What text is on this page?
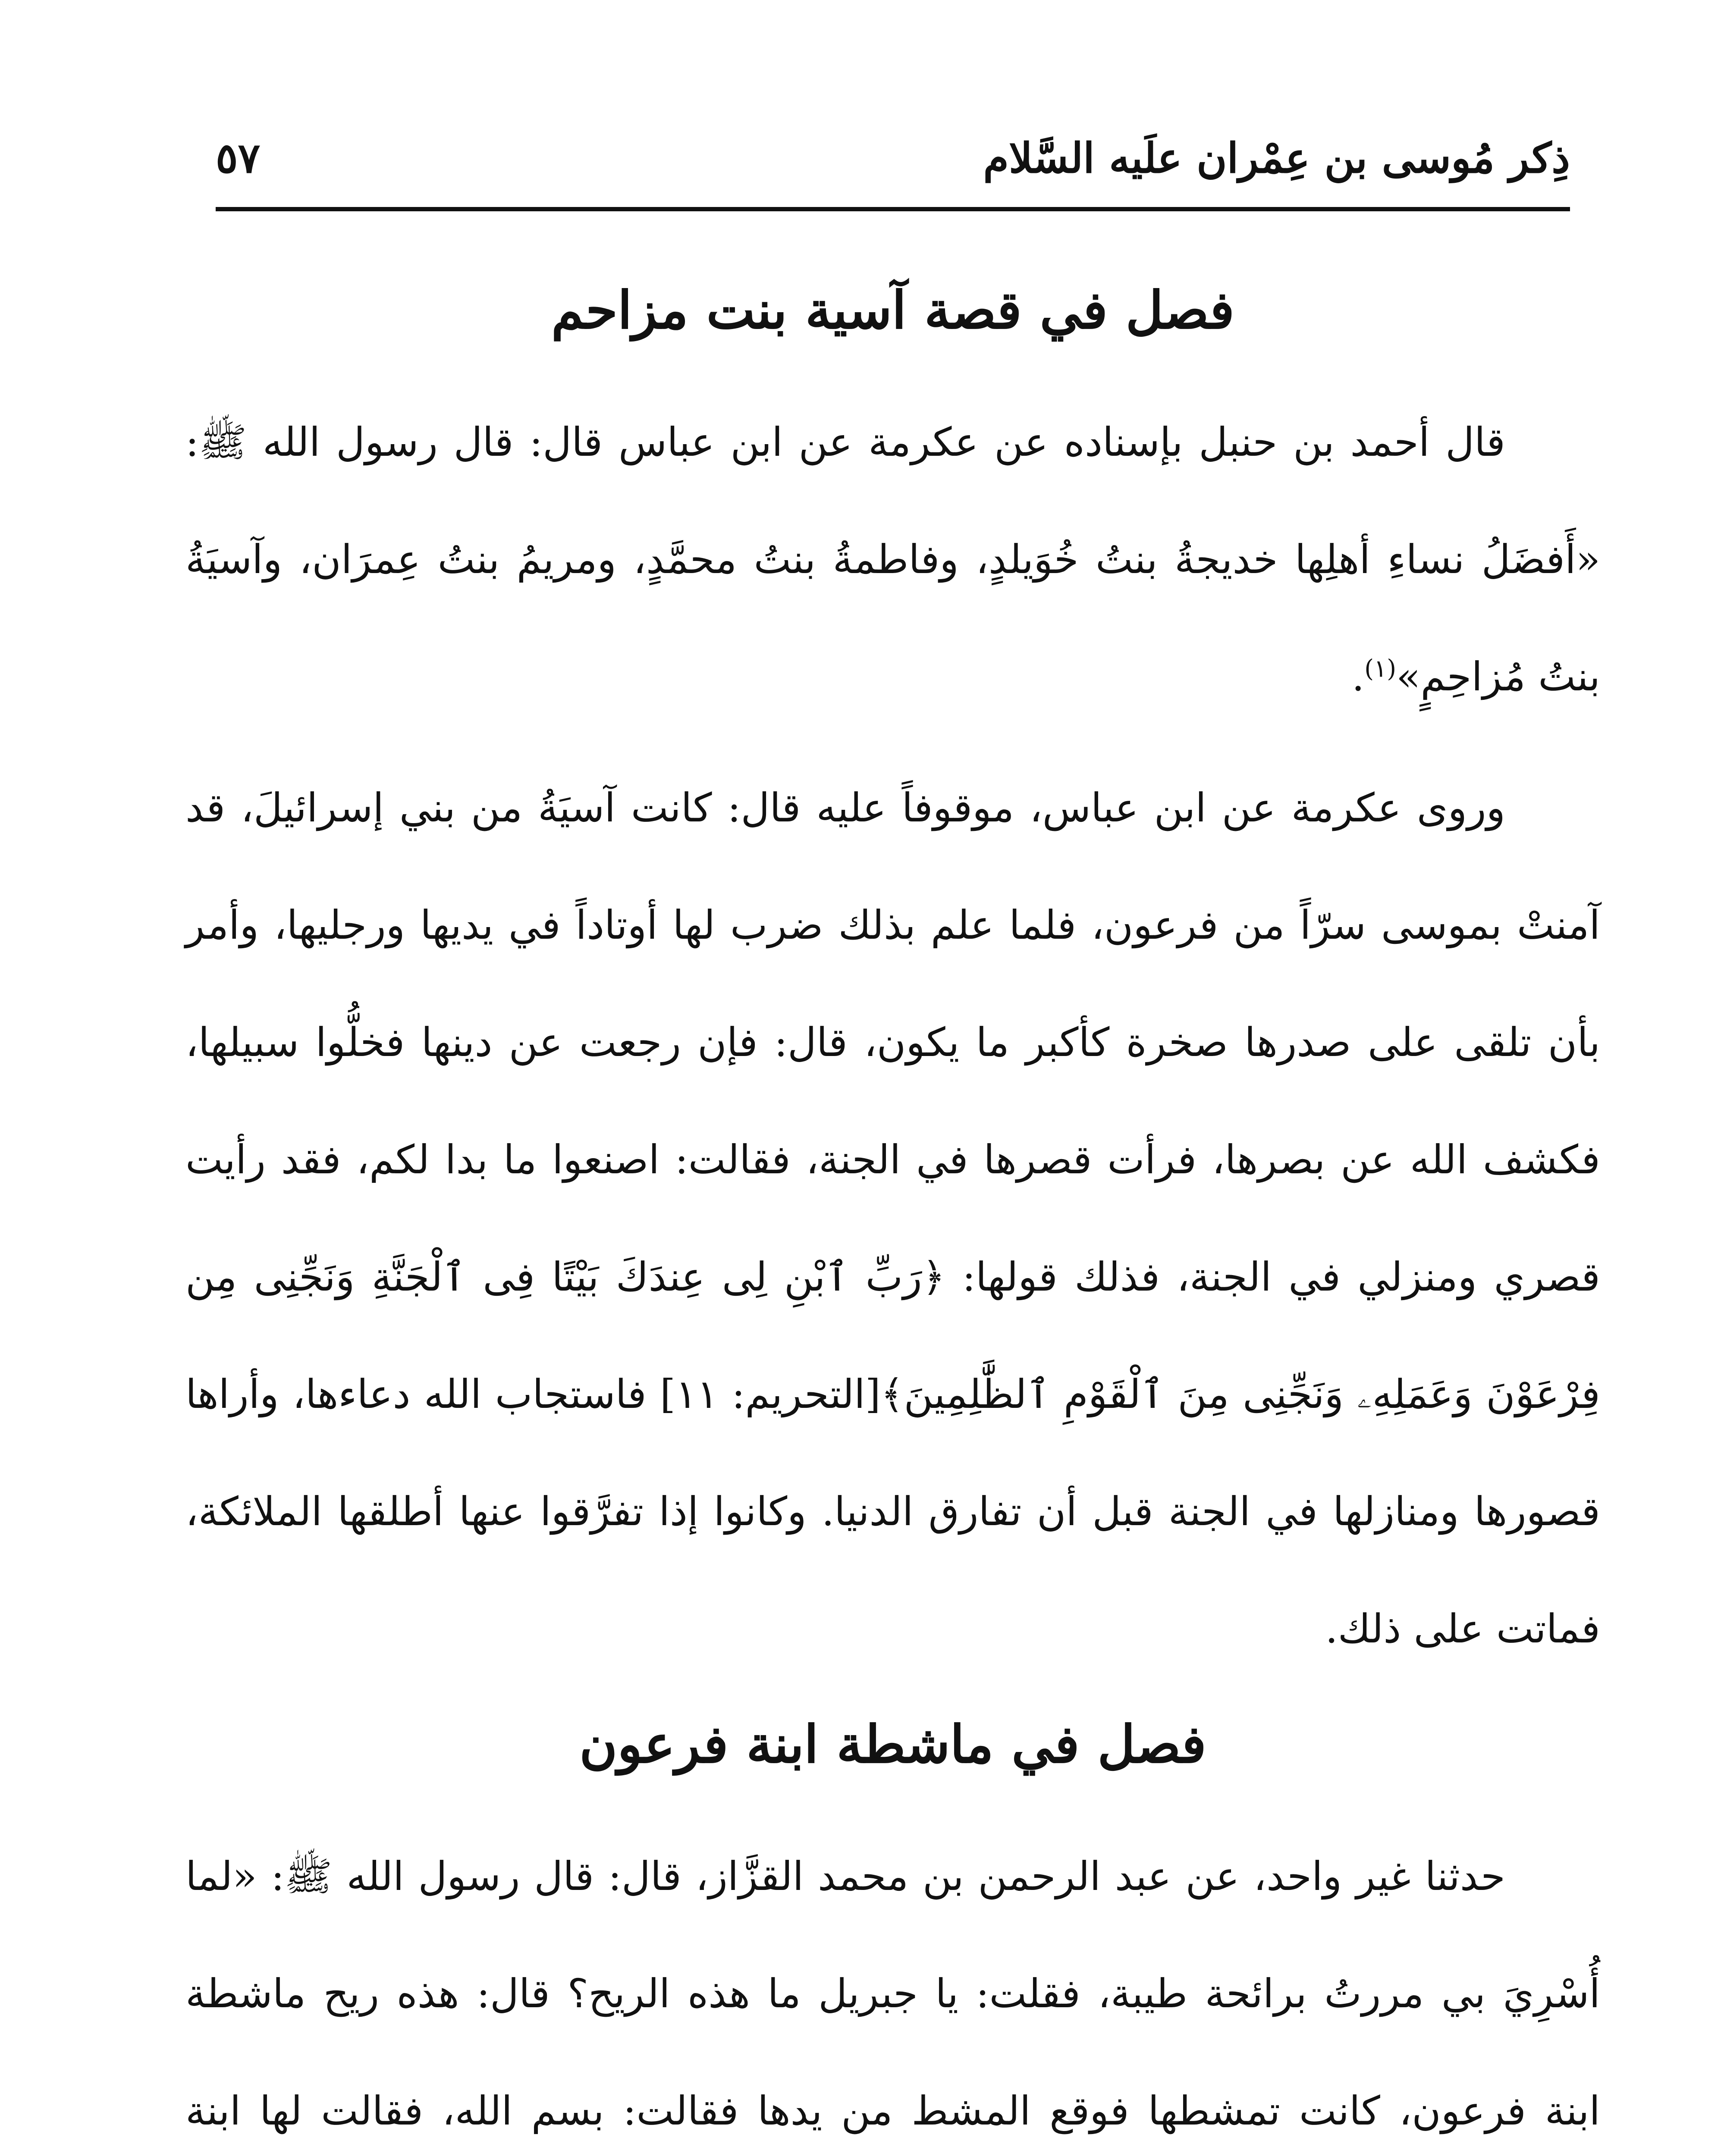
ذِكر مُوسى بن عِمْران علَيه السَّلام
٥٧
فصل في قصة آسية بنت مزاحم

قال أحمد بن حنبل بإسناده عن عكرمة عن ابن عباس قال: قال رسول الله ﷺ: «أَفضَلُ نساءِ أهلِها خديجةُ بنتُ خُوَيلدٍ، وفاطمةُ بنتُ محمَّدٍ، ومريمُ بنتُ عِمرَان، وآسيَةُ بنتُ مُزاحِمٍ»$^{(١)}$.

وروى عكرمة عن ابن عباس، موقوفاً عليه قال: كانت آسيَةُ من بني إسرائيلَ، قد آمنتْ بموسى سرّاً من فرعون، فلما علم بذلك ضرب لها أوتاداً في يديها ورجليها، وأمر بأن تلقى على صدرها صخرة كأكبر ما يكون، قال: فإن رجعت عن دينها فخلُّوا سبيلها، فكشف الله عن بصرها، فرأت قصرها في الجنة، فقالت: اصنعوا ما بدا لكم، فقد رأيت قصري ومنزلي في الجنة، فذلك قولها: ﴿رَبِّ ٱبْنِ لِى عِندَكَ بَيْتًا فِى ٱلْجَنَّةِ وَنَجِّنِى مِن فِرْعَوْنَ وَعَمَلِهِۦ وَنَجِّنِى مِنَ ٱلْقَوْمِ ٱلظَّٰلِمِينَ﴾[التحريم: ١١] فاستجاب الله دعاءها، وأراها قصورها ومنازلها في الجنة قبل أن تفارق الدنيا. وكانوا إذا تفرَّقوا عنها أطلقها الملائكة، فماتت على ذلك.

فصل في ماشطة ابنة فرعون

حدثنا غير واحد، عن عبد الرحمن بن محمد القزَّاز، قال: قال رسول الله ﷺ: «لما أُسْرِيَ بي مررتُ برائحة طيبة، فقلت: يا جبريل ما هذه الريح؟ قال: هذه ريح ماشطة ابنة فرعون، كانت تمشطها فوقع المشط من يدها فقالت: بسم الله، فقالت لها ابنة
